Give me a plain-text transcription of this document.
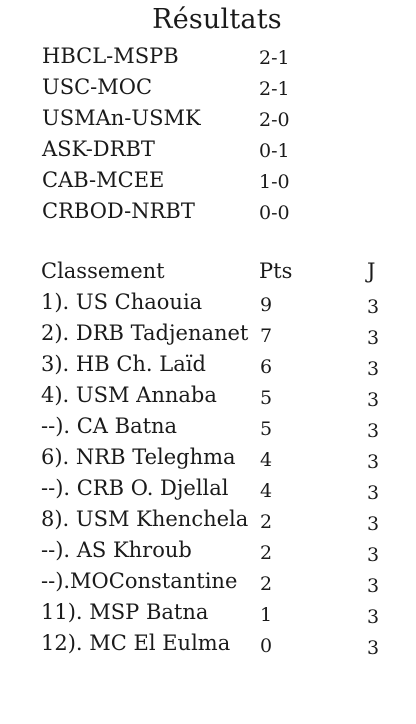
Résultats
HBCL-MSPB	2-1
USC-MOC	2-1
USMAn-USMK	2-0
ASK-DRBT	0-1
CAB-MCEE	1-0
CRBOD-NRBT	0-0
Classement	Pts	J
1). US Chaouia	9	3
2). DRB Tadjenanet 7	3
3). HB Ch. Laïd	6	3
4). USM Annaba 5	3
--). CA Batna	5	3
6). NRB Teleghma 4	3
--). CRB O. Djellal 4	3
8). USM Khenchela 2	3
--). AS Khroub	2	3
--).MOConstantine 2	3
11). MSP Batna	1	3
12). MC El Eulma 0	3
